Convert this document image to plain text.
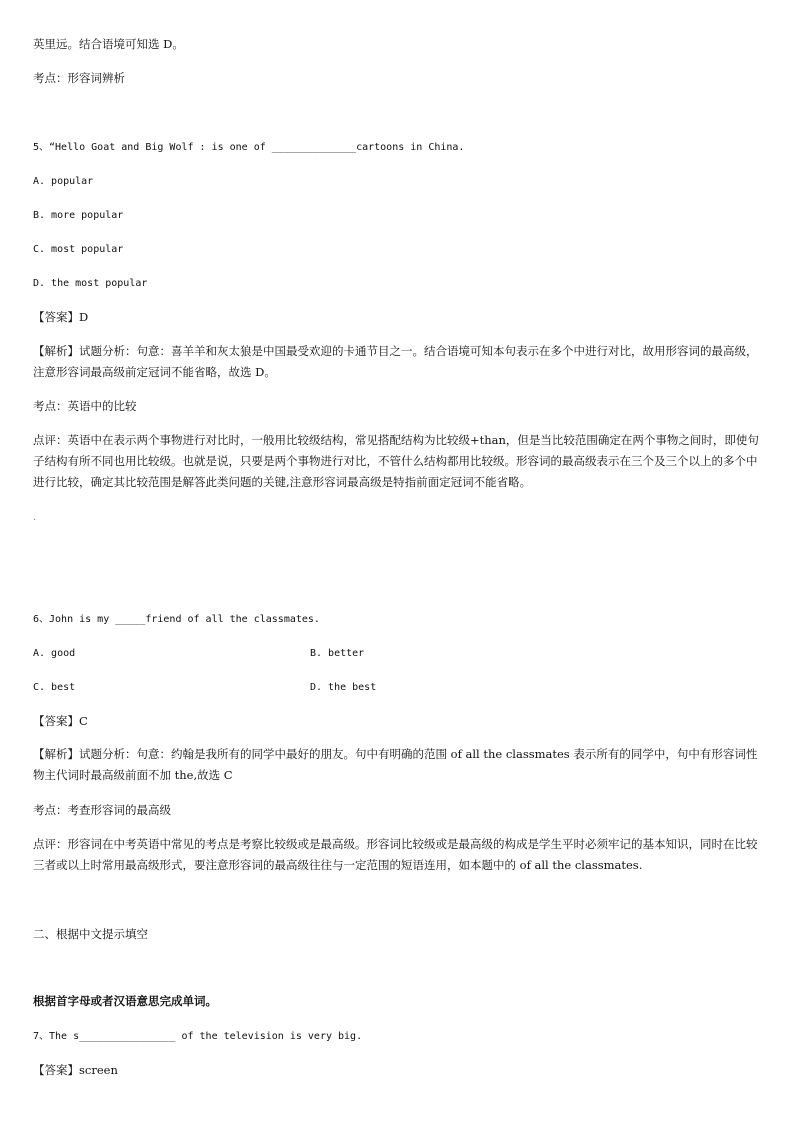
英里远。结合语境可知选 D。
考点：形容词辨析
5、“Hello Goat and Big Wolf : is one of ______________cartoons in China.
A. popular
B. more popular
C. most popular
D. the most popular
【答案】D
【解析】试题分析：句意：喜羊羊和灰太狼是中国最受欢迎的卡通节目之一。结合语境可知本句表示在多个中进行对比，故用形容词的最高级，注意形容词最高级前定冠词不能省略，故选 D。
考点：英语中的比较
点评：英语中在表示两个事物进行对比时，一般用比较级结构，常见搭配结构为比较级+than，但是当比较范围确定在两个事物之间时，即使句子结构有所不同也用比较级。也就是说，只要是两个事物进行对比，不管什么结构都用比较级。形容词的最高级表示在三个及三个以上的多个中进行比较，确定其比较范围是解答此类问题的关键,注意形容词最高级是特指前面定冠词不能省略。
·
6、John is my _____friend of all the classmates.
A. good	B. better
C. best	D. the best
【答案】C
【解析】试题分析：句意：约翰是我所有的同学中最好的朋友。句中有明确的范围 of all the classmates 表示所有的同学中，句中有形容词性物主代词时最高级前面不加 the,故选 C
考点：考查形容词的最高级
点评：形容词在中考英语中常见的考点是考察比较级或是最高级。形容词比较级或是最高级的构成是学生平时必须牢记的基本知识，同时在比较三者或以上时常用最高级形式，要注意形容词的最高级往往与一定范围的短语连用，如本题中的 of all the classmates.
二、根据中文提示填空
根据首字母或者汉语意思完成单词。
7、The s________________ of the television is very big.
【答案】screen
